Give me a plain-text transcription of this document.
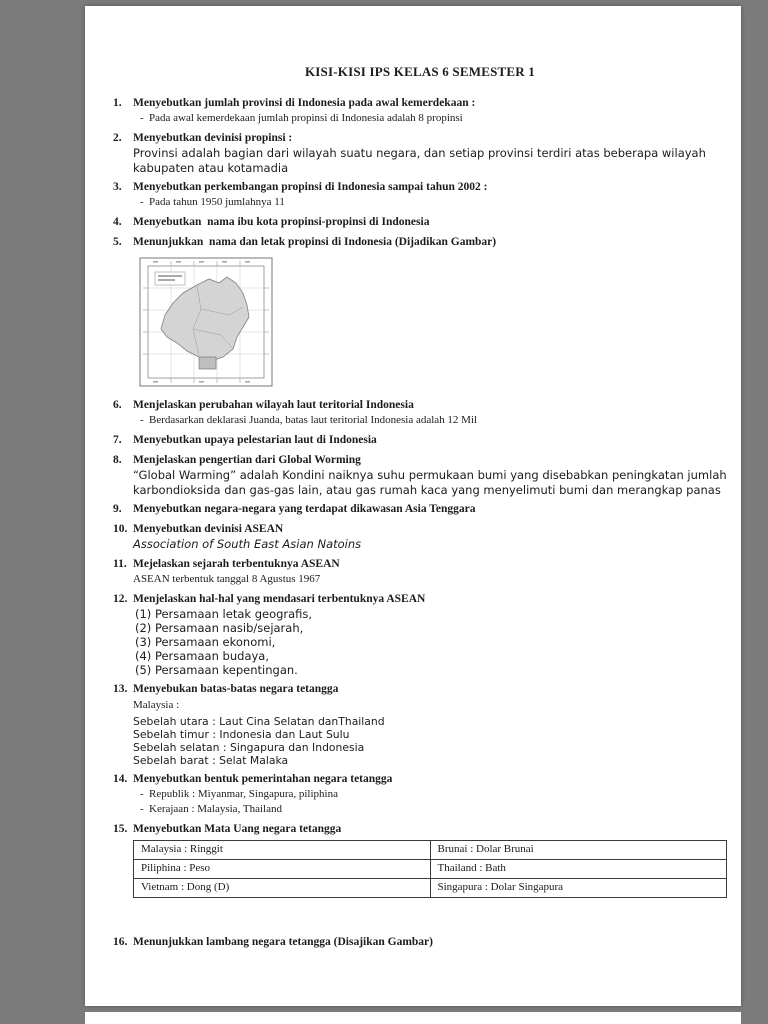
KISI-KISI IPS KELAS 6 SEMESTER 1
1. Menyebutkan jumlah provinsi di Indonesia pada awal kemerdekaan :
- Pada awal kemerdekaan jumlah propinsi di Indonesia adalah 8 propinsi
2. Menyebutkan devinisi propinsi :
Provinsi adalah bagian dari wilayah suatu negara, dan setiap provinsi terdiri atas beberapa wilayah kabupaten atau kotamadia
3. Menyebutkan perkembangan propinsi di Indonesia sampai tahun 2002 :
- Pada tahun 1950 jumlahnya 11
4. Menyebutkan  nama ibu kota propinsi-propinsi di Indonesia
5. Menunjukkan  nama dan letak propinsi di Indonesia (Dijadikan Gambar)
6. Menjelaskan perubahan wilayah laut teritorial Indonesia
- Berdasarkan deklarasi Juanda, batas laut teritorial Indonesia adalah 12 Mil
7. Menyebutkan upaya pelestarian laut di Indonesia
8. Menjelaskan pengertian dari Global Worming
“Global Warming” adalah Kondini naiknya suhu permukaan bumi yang disebabkan peningkatan jumlah karbondioksida dan gas-gas lain, atau gas rumah kaca yang menyelimuti bumi dan merangkap panas
9. Menyebutkan negara-negara yang terdapat dikawasan Asia Tenggara
10. Menyebutkan devinisi ASEAN
Association of South East Asian Natoins
11. Mejelaskan sejarah terbentuknya ASEAN
ASEAN terbentuk tanggal 8 Agustus 1967
12. Menjelaskan hal-hal yang mendasari terbentuknya ASEAN
(1) Persamaan letak geografis,
(2) Persamaan nasib/sejarah,
(3) Persamaan ekonomi,
(4) Persamaan budaya,
(5) Persamaan kepentingan.
13. Menyebukan batas-batas negara tetangga
Malaysia :
Sebelah utara : Laut Cina Selatan danThailand
Sebelah timur : Indonesia dan Laut Sulu
Sebelah selatan : Singapura dan Indonesia
Sebelah barat : Selat Malaka
14. Menyebutkan bentuk pemerintahan negara tetangga
- Republik : Miyanmar, Singapura, piliphina
- Kerajaan : Malaysia, Thailand
15. Menyebutkan Mata Uang negara tetangga
Malaysia : Ringgit	Brunai : Dolar Brunai
Piliphina : Peso	Thailand : Bath
Vietnam : Dong (D)	Singapura : Dolar Singapura
16. Menunjukkan lambang negara tetangga (Disajikan Gambar)
